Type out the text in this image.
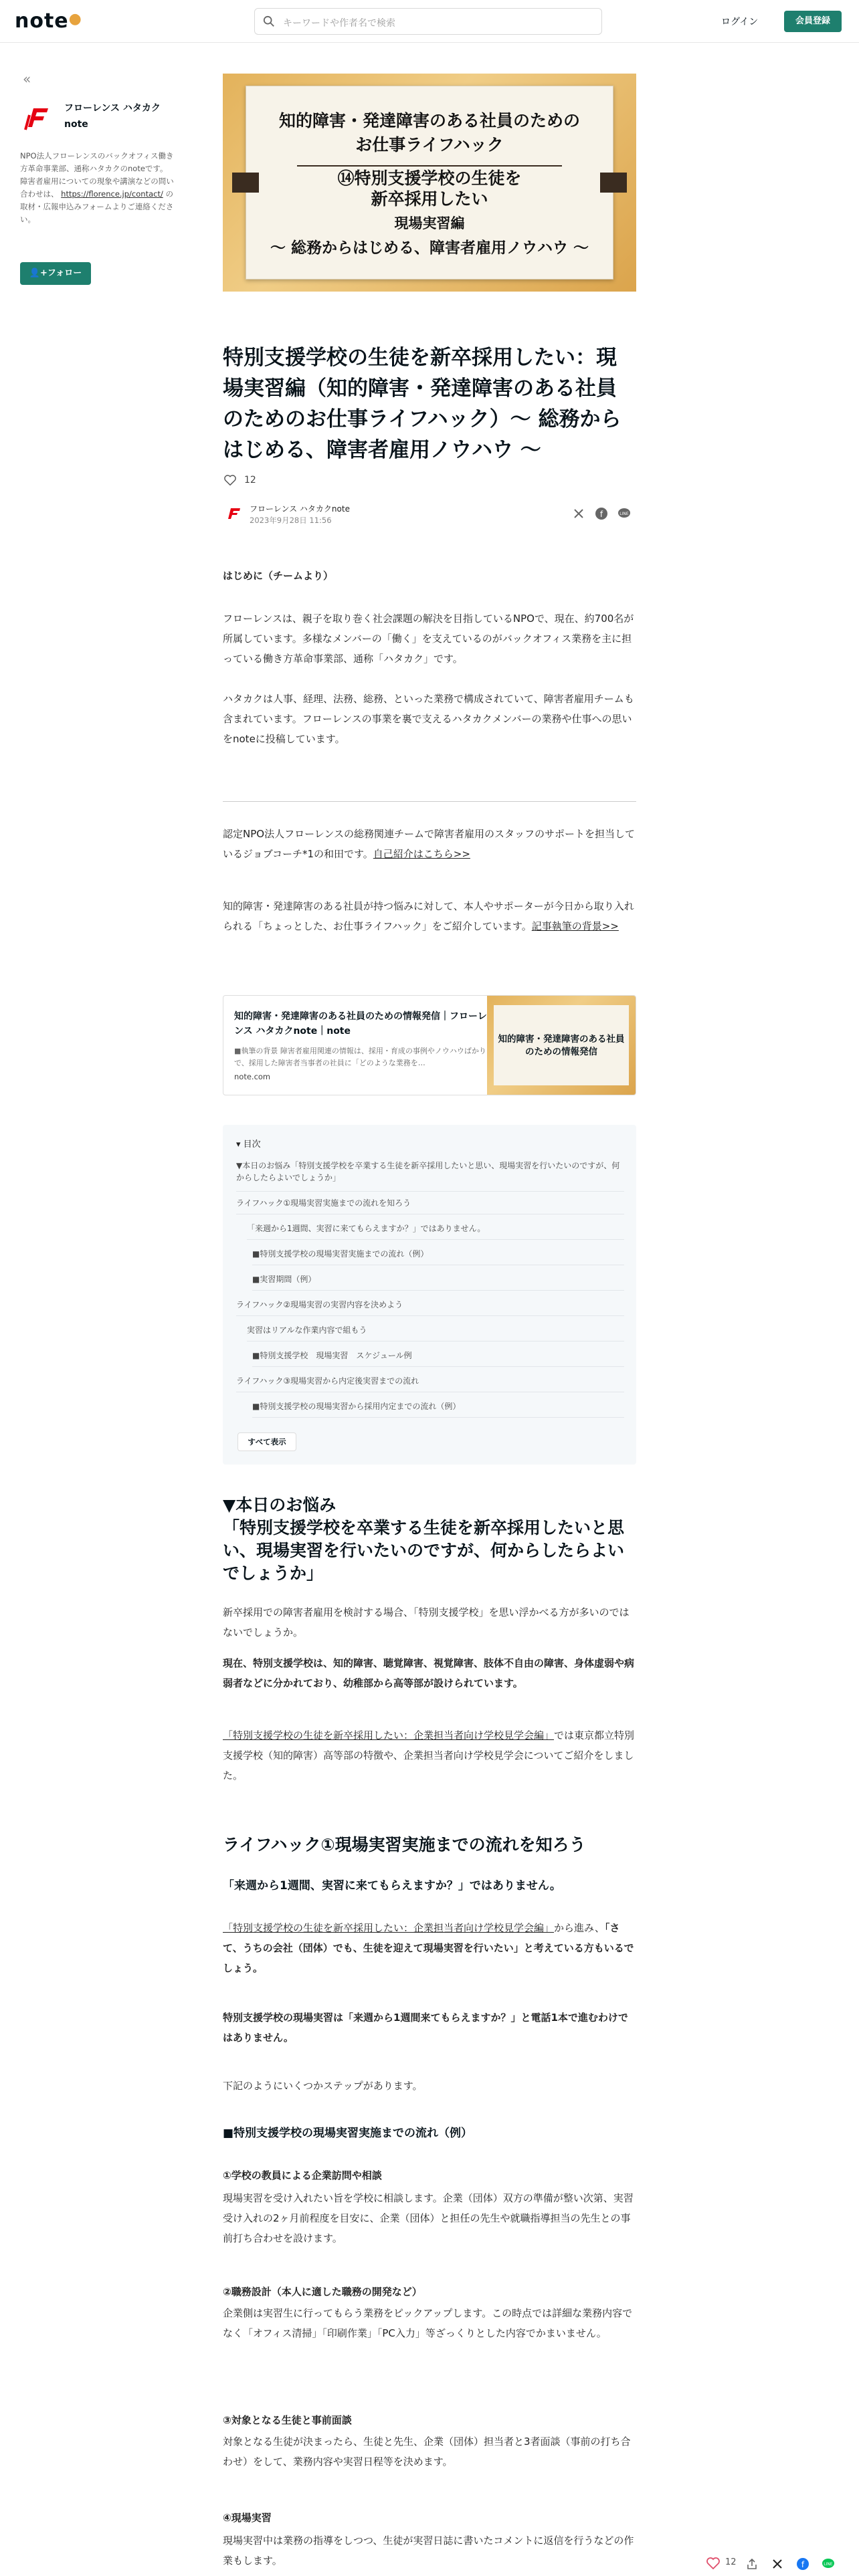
note●	キーワードや作者名で検索	ログイン	会員登録
«
フローレンス ハタカクnote
NPO法人フローレンスのバックオフィス働き方革命事業部、通称ハタカクのnoteです。 障害者雇用についての現象や講演などの問い合わせは、 https://florence.jp/contact/ の取材・広報申込みフォームよりご連絡ください。
👤+フォロー
知的障害・発達障害のある社員のための
お仕事ライフハック
⑭特別支援学校の生徒を
新卒採用したい
現場実習編
〜 総務からはじめる、障害者雇用ノウハウ 〜
特別支援学校の生徒を新卒採用したい：現場実習編（知的障害・発達障害のある社員のためのお仕事ライフハック）〜 総務からはじめる、障害者雇用ノウハウ 〜
12
フローレンス ハタカクnote
2023年9月28日 11:56
f	LINE

はじめに（チームより）

フローレンスは、親子を取り巻く社会課題の解決を目指しているNPOで、現在、約700名が所属しています。多様なメンバーの「働く」を支えているのがバックオフィス業務を主に担っている働き方革命事業部、通称「ハタカク」です。

ハタカクは人事、経理、法務、総務、といった業務で構成されていて、障害者雇用チームも含まれています。フローレンスの事業を裏で支えるハタカクメンバーの業務や仕事への思いをnoteに投稿しています。

認定NPO法人フローレンスの総務関連チームで障害者雇用のスタッフのサポートを担当しているジョブコーチ*1の和田です。自己紹介はこちら>>

知的障害・発達障害のある社員が持つ悩みに対して、本人やサポーターが今日から取り入れられる「ちょっとした、お仕事ライフハック」をご紹介しています。記事執筆の背景>>

知的障害・発達障害のある社員のための情報発信｜フローレンス ハタカクnote｜note
■執筆の背景 障害者雇用関連の情報は、採用・育成の事例やノウハウばかりで、採用した障害者当事者の社員に「どのような業務を…
note.com
知的障害・発達障害のある社員のための情報発信
▾ 目次
▼本日のお悩み「特別支援学校を卒業する生徒を新卒採用したいと思い、現場実習を行いたいのですが、何からしたらよいでしょうか」
ライフハック①現場実習実施までの流れを知ろう
「来週から1週間、実習に来てもらえますか？」ではありません。
■特別支援学校の現場実習実施までの流れ（例）
■実習期間（例）
ライフハック②現場実習の実習内容を決めよう
実習はリアルな作業内容で組もう
■特別支援学校　現場実習　スケジュール例
ライフハック③現場実習から内定後実習までの流れ
■特別支援学校の現場実習から採用内定までの流れ（例）
すべて表示
▼本日のお悩み
「特別支援学校を卒業する生徒を新卒採用したいと思い、現場実習を行いたいのですが、何からしたらよいでしょうか」

新卒採用での障害者雇用を検討する場合、「特別支援学校」を思い浮かべる方が多いのではないでしょうか。

現在、特別支援学校は、知的障害、聴覚障害、視覚障害、肢体不自由の障害、身体虚弱や病弱者などに分かれており、幼稚部から高等部が設けられています。

「特別支援学校の生徒を新卒採用したい：企業担当者向け学校見学会編」では東京都立特別支援学校（知的障害）高等部の特徴や、企業担当者向け学校見学会についてご紹介をしました。

ライフハック①現場実習実施までの流れを知ろう
「来週から1週間、実習に来てもらえますか？」ではありません。

「特別支援学校の生徒を新卒採用したい：企業担当者向け学校見学会編」から進み、「さて、うちの会社（団体）でも、生徒を迎えて現場実習を行いたい」と考えている方もいるでしょう。

特別支援学校の現場実習は「来週から1週間来てもらえますか？」と電話1本で進むわけではありません。

下記のようにいくつかステップがあります。

■特別支援学校の現場実習実施までの流れ（例）

①学校の教員による企業訪問や相談

現場実習を受け入れたい旨を学校に相談します。企業（団体）双方の準備が整い次第、実習受け入れの2ヶ月前程度を目安に、企業（団体）と担任の先生や就職指導担当の先生との事前打ち合わせを設けます。

②職務設計（本人に適した職務の開発など）

企業側は実習生に行ってもらう業務をピックアップします。この時点では詳細な業務内容でなく「オフィス清掃」「印刷作業」「PC入力」等ざっくりとした内容でかまいません。

③対象となる生徒と事前面談

対象となる生徒が決まったら、生徒と先生、企業（団体）担当者と3者面談（事前の打ち合わせ）をして、業務内容や実習日程等を決めます。

④現場実習

現場実習中は業務の指導をしつつ、生徒が実習日誌に書いたコメントに返信を行うなどの作業もします。	12	f	LINE
